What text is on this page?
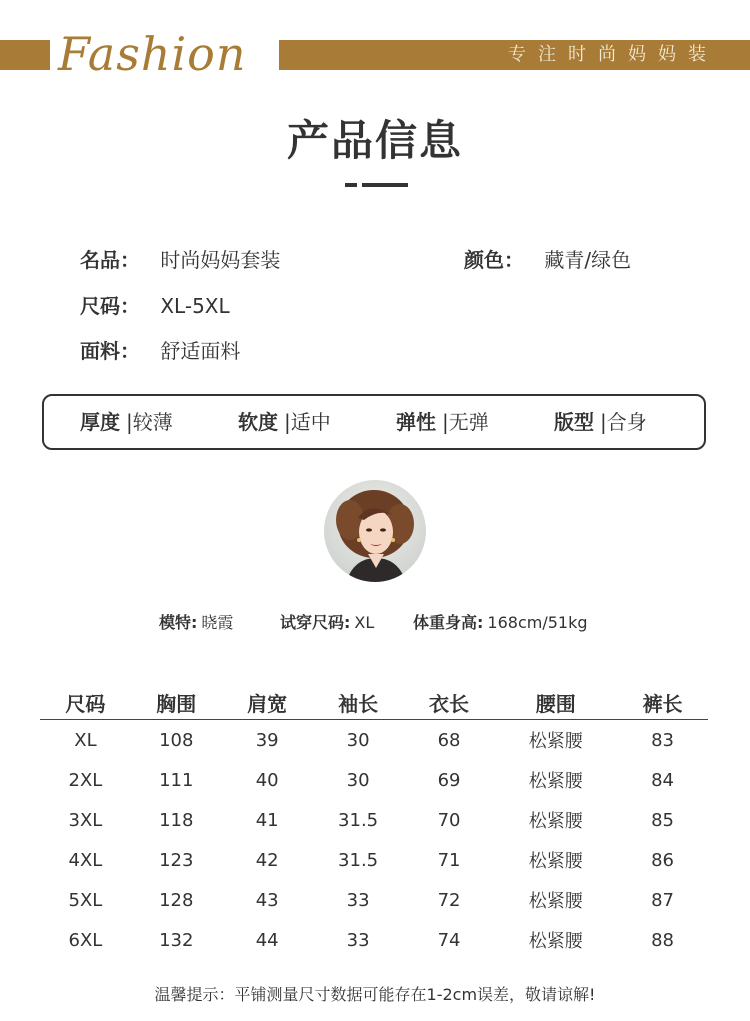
Fashion	专注时尚妈妈装
产品信息
名品： 时尚妈妈套装	颜色： 藏青/绿色
尺码： XL-5XL
面料： 舒适面料
厚度 |较薄	软度 |适中	弹性 |无弹	版型 |合身
模特: 晓霞	试穿尺码: XL 体重身高: 168cm/51kg
尺码	胸围	肩宽	袖长	衣长	腰围	裤长
XL	108	39	30	68	松紧腰	83
2XL	111	40	30	69	松紧腰	84
3XL	118	41	31.5	70	松紧腰	85
4XL	123	42	31.5	71	松紧腰	86
5XL	128	43	33	72	松紧腰	87
6XL	132	44	33	74	松紧腰	88
温馨提示：平铺测量尺寸数据可能存在1-2cm误差，敬请谅解!
